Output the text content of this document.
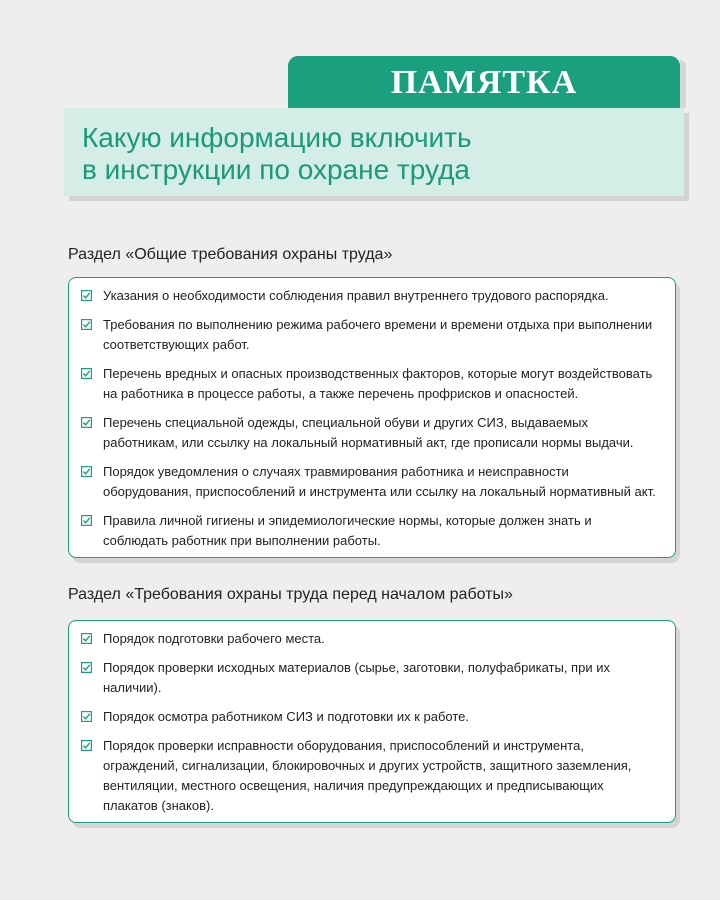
ПАМЯТКА
Какую информацию включить
в инструкции по охране труда
Раздел «Общие требования охраны труда»
Указания о необходимости соблюдения правил внутреннего трудового распорядка.
Требования по выполнению режима рабочего времени и времени отдыха при выполнении соответствующих работ.
Перечень вредных и опасных производственных факторов, которые могут воздействовать на работника в процессе работы, а также перечень профрисков и опасностей.
Перечень специальной одежды, специальной обуви и других СИЗ, выдаваемых работникам, или ссылку на локальный нормативный акт, где прописали нормы выдачи.
Порядок уведомления о случаях травмирования работника и неисправности оборудования, приспособлений и инструмента или ссылку на локальный нормативный акт.
Правила личной гигиены и эпидемиологические нормы, которые должен знать и соблюдать работник при выполнении работы.
Раздел «Требования охраны труда перед началом работы»
Порядок подготовки рабочего места.
Порядок проверки исходных материалов (сырье, заготовки, полуфабрикаты, при их наличии).
Порядок осмотра работником СИЗ и подготовки их к работе.
Порядок проверки исправности оборудования, приспособлений и инструмента, ограждений, сигнализации, блокировочных и других устройств, защитного заземления, вентиляции, местного освещения, наличия предупреждающих и предписывающих плакатов (знаков).
